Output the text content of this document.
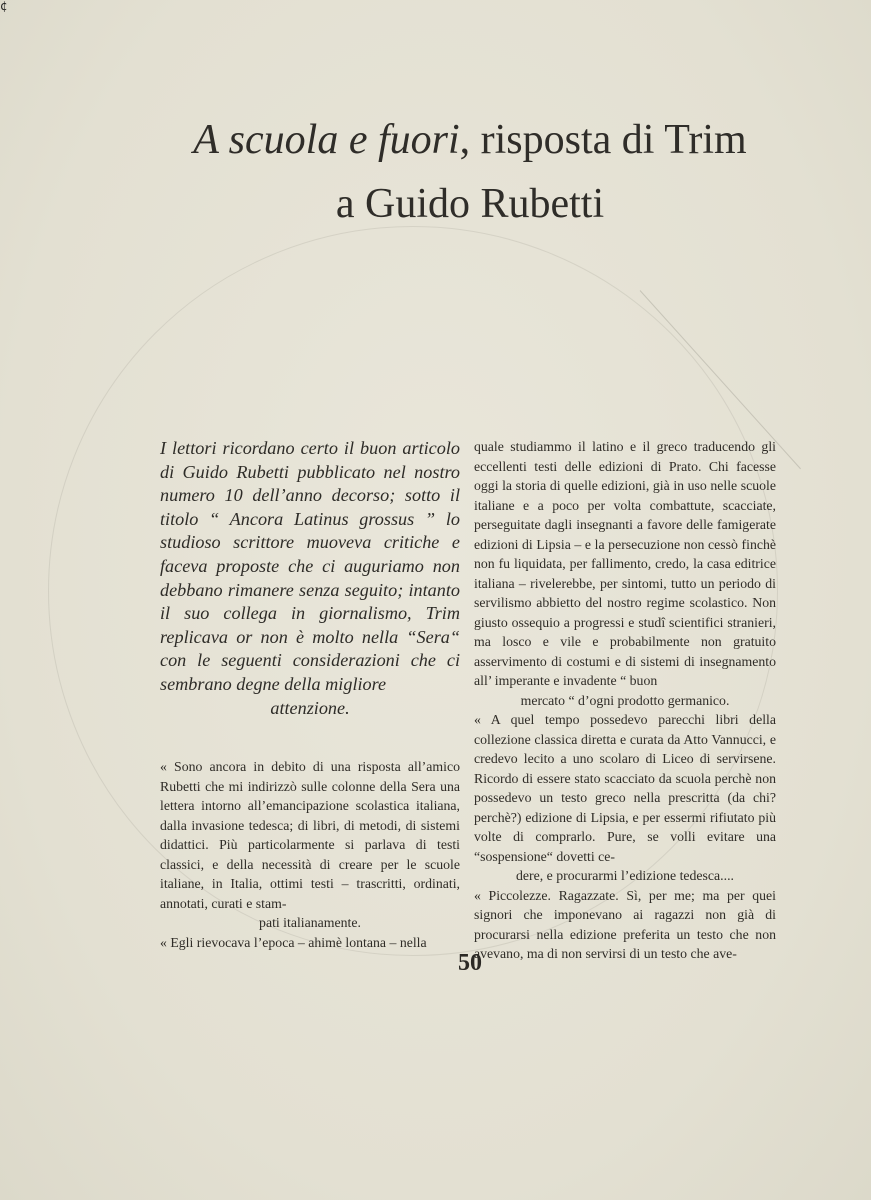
¢
A scuola e fuori, risposta di Trim
a Guido Rubetti

I lettori ricordano certo il buon articolo di Guido Rubetti pubblicato nel nostro numero 10 dell’anno decorso; sotto il titolo “ Ancora Latinus grossus ” lo studioso scrittore muoveva critiche e faceva proposte che ci auguriamo non debbano rimanere senza seguito; intanto il suo collega in giornalismo, Trim replicava or non è molto nella “Sera“ con le seguenti considerazioni che ci sembrano degne della migliore
attenzione.

« Sono ancora in debito di una risposta all’amico Rubetti che mi indirizzò sulle colonne della Sera una lettera intorno all’emancipazione scolastica italiana, dalla invasione tedesca; di libri, di metodi, di sistemi didattici. Più particolarmente si parlava di testi classici, e della necessità di creare per le scuole italiane, in Italia, ottimi testi – trascritti, ordinati, annotati, curati e stam-
pati italianamente.

« Egli rievocava l’epoca – ahimè lontana – nella

quale studiammo il latino e il greco traducendo gli eccellenti testi delle edizioni di Prato. Chi facesse oggi la storia di quelle edizioni, già in uso nelle scuole italiane e a poco per volta combattute, scacciate, perseguitate dagli insegnanti a favore delle famigerate edizioni di Lipsia – e la persecuzione non cessò finchè non fu liquidata, per fallimento, credo, la casa editrice italiana – rivelerebbe, per sintomi, tutto un periodo di servilismo abbietto del nostro regime scolastico. Non giusto ossequio a progressi e studî scientifici stranieri, ma losco e vile e probabilmente non gratuito asservimento di costumi e di sistemi di insegnamento all’ imperante e invadente “ buon
mercato “ d’ogni prodotto germanico.

« A quel tempo possedevo parecchi libri della collezione classica diretta e curata da Atto Vannucci, e credevo lecito a uno scolaro di Liceo di servirsene. Ricordo di essere stato scacciato da scuola perchè non possedevo un testo greco nella prescritta (da chi? perchè?) edizione di Lipsia, e per essermi rifiutato più volte di comprarlo. Pure, se volli evitare una “sospensione“ dovetti ce-
dere, e procurarmi l’edizione tedesca....

« Piccolezze. Ragazzate. Sì, per me; ma per quei signori che imponevano ai ragazzi non già di procurarsi nella edizione preferita un testo che non avevano, ma di non servirsi di un testo che ave-

50
